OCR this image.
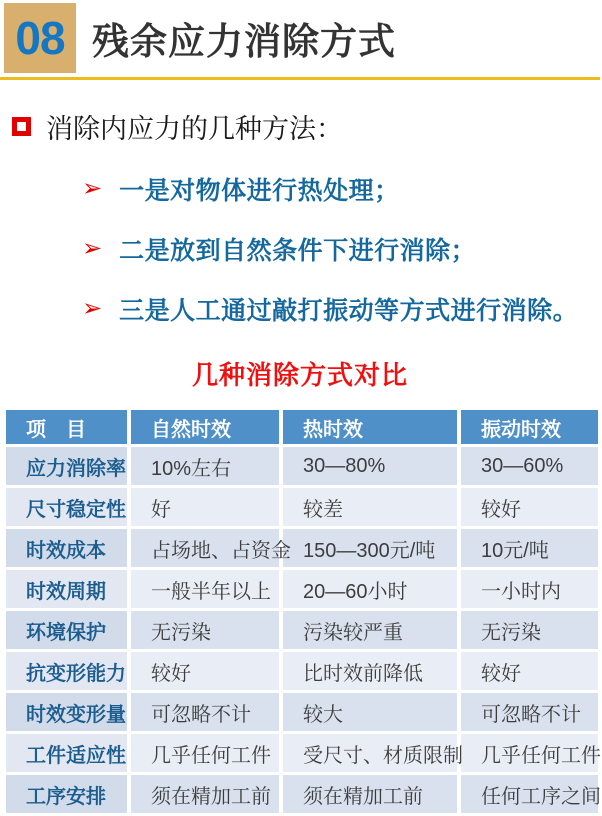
08 残余应力消除方式
消除内应力的几种方法：
➢ 一是对物体进行热处理；
➢ 二是放到自然条件下进行消除；
➢ 三是人工通过敲打振动等方式进行消除。
几种消除方式对比
项　目	自然时效	热时效	振动时效
应力消除率	10%左右	30—80%	30—60%
尺寸稳定性	好	较差	较好
时效成本	占场地、占资金	150—300元/吨	10元/吨
时效周期	一般半年以上	20—60小时	一小时内
环境保护	无污染	污染较严重	无污染
抗变形能力	较好	比时效前降低	较好
时效变形量	可忽略不计	较大	可忽略不计
工件适应性	几乎任何工件	受尺寸、材质限制	几乎任何工件
工序安排	须在精加工前	须在精加工前	任何工序之间
